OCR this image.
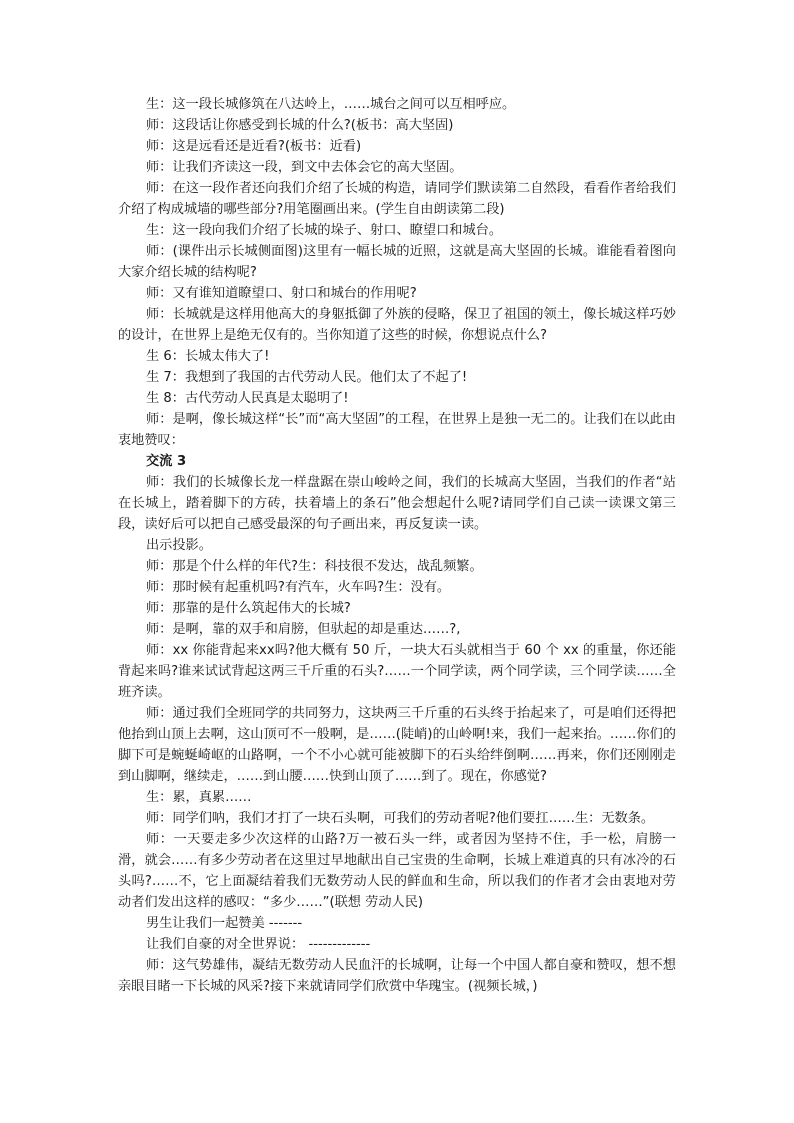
生：这一段长城修筑在八达岭上，……城台之间可以互相呼应。

师：这段话让你感受到长城的什么?(板书：高大坚固)

师：这是远看还是近看?(板书：近看)

师：让我们齐读这一段，到文中去体会它的高大坚固。

师：在这一段作者还向我们介绍了长城的构造，请同学们默读第二自然段，看看作者给我们介绍了构成城墙的哪些部分?用笔圈画出来。(学生自由朗读第二段)

生：这一段向我们介绍了长城的垛子、射口、瞭望口和城台。

师：(课件出示长城侧面图)这里有一幅长城的近照，这就是高大坚固的长城。谁能看着图向大家介绍长城的结构呢?

师：又有谁知道瞭望口、射口和城台的作用呢?

师：长城就是这样用他高大的身躯抵御了外族的侵略，保卫了祖国的领土，像长城这样巧妙的设计，在世界上是绝无仅有的。当你知道了这些的时候，你想说点什么?

生 6：长城太伟大了!

生 7：我想到了我国的古代劳动人民。他们太了不起了!

生 8：古代劳动人民真是太聪明了!

师：是啊，像长城这样“长”而“高大坚固”的工程，在世界上是独一无二的。让我们在以此由衷地赞叹：

交流 3

师：我们的长城像长龙一样盘踞在崇山峻岭之间，我们的长城高大坚固，当我们的作者“站在长城上，踏着脚下的方砖，扶着墙上的条石”他会想起什么呢?请同学们自己读一读课文第三段，读好后可以把自己感受最深的句子画出来，再反复读一读。

出示投影。

师：那是个什么样的年代?生：科技很不发达，战乱频繁。

师：那时候有起重机吗?有汽车，火车吗?生：没有。

师：那靠的是什么筑起伟大的长城?

师：是啊，靠的双手和肩膀，但驮起的却是重达……?,

师：xx 你能背起来xx吗?他大概有 50 斤，一块大石头就相当于 60 个 xx 的重量，你还能背起来吗?谁来试试背起这两三千斤重的石头?……一个同学读，两个同学读，三个同学读……全班齐读。

师：通过我们全班同学的共同努力，这块两三千斤重的石头终于抬起来了，可是咱们还得把他抬到山顶上去啊，这山顶可不一般啊，是……(陡峭)的山岭啊!来，我们一起来抬。……你们的脚下可是蜿蜒崎岖的山路啊，一个不小心就可能被脚下的石头给绊倒啊……再来，你们还刚刚走到山脚啊，继续走，……到山腰……快到山顶了……到了。现在，你感觉?

生：累，真累……

师：同学们呐，我们才打了一块石头啊，可我们的劳动者呢?他们要扛……生：无数条。

师：一天要走多少次这样的山路?万一被石头一绊，或者因为坚持不住，手一松，肩膀一滑，就会……有多少劳动者在这里过早地献出自己宝贵的生命啊，长城上难道真的只有冰冷的石头吗?……不，它上面凝结着我们无数劳动人民的鲜血和生命，所以我们的作者才会由衷地对劳动者们发出这样的感叹：“多少……”(联想 劳动人民)

男生让我们一起赞美 -------

让我们自豪的对全世界说： -------------

师：这气势雄伟，凝结无数劳动人民血汗的长城啊，让每一个中国人都自豪和赞叹，想不想亲眼目睹一下长城的风采?接下来就请同学们欣赏中华瑰宝。(视频长城，)
